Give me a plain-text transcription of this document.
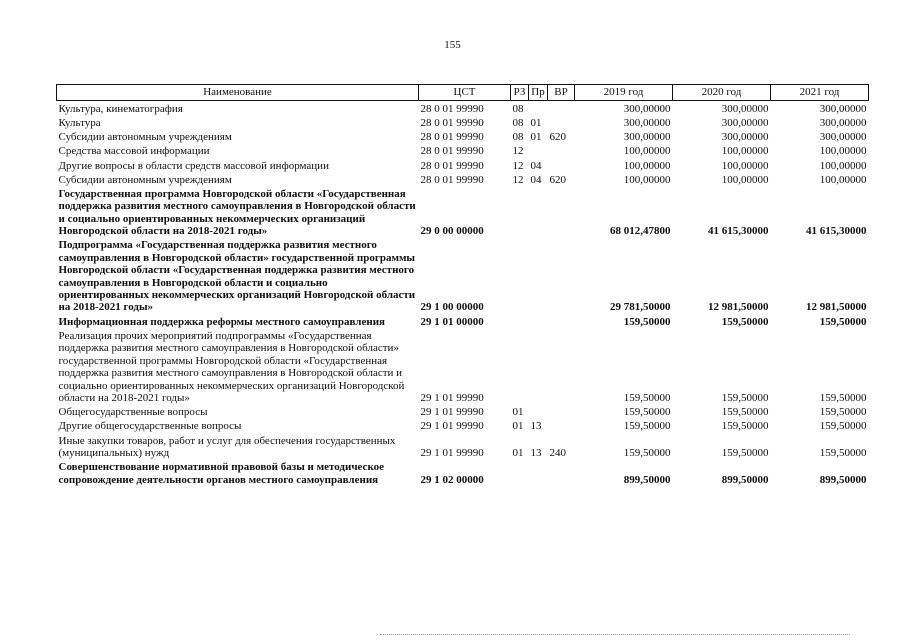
155
Наименование	ЦСТ	РЗ	Пр	ВР	2019 год	2020 год	2021 год
Культура, кинематография	28 0 01 99990	08			300,00000	300,00000	300,00000
Культура	28 0 01 99990	08	01		300,00000	300,00000	300,00000
Субсидии автономным учреждениям	28 0 01 99990	08	01	620	300,00000	300,00000	300,00000
Средства массовой информации	28 0 01 99990	12			100,00000	100,00000	100,00000
Другие вопросы в области средств массовой информации	28 0 01 99990	12	04		100,00000	100,00000	100,00000
Субсидии автономным учреждениям	28 0 01 99990	12	04	620	100,00000	100,00000	100,00000
Государственная программа Новгородской области «Государственная поддержка развития местного самоуправления в Новгородской области и социально ориентированных некоммерческих организаций Новгородской области на 2018-2021 годы»	29 0 00 00000				68 012,47800	41 615,30000	41 615,30000
Подпрограмма «Государственная поддержка развития местного самоуправления в Новгородской области» государственной программы Новгородской области «Государственная поддержка развития местного самоуправления в Новгородской области и социально ориентированных некоммерческих организаций Новгородской области на 2018-2021 годы»	29 1 00 00000				29 781,50000	12 981,50000	12 981,50000
Информационная поддержка реформы местного самоуправления	29 1 01 00000				159,50000	159,50000	159,50000
Реализация прочих мероприятий подпрограммы «Государственная поддержка развития местного самоуправления в Новгородской области» государственной программы Новгородской области «Государственная поддержка развития местного самоуправления в Новгородской области и социально ориентированных некоммерческих организаций Новгородской области на 2018-2021 годы»	29 1 01 99990				159,50000	159,50000	159,50000
Общегосударственные вопросы	29 1 01 99990	01			159,50000	159,50000	159,50000
Другие общегосударственные вопросы	29 1 01 99990	01	13		159,50000	159,50000	159,50000
Иные закупки товаров, работ и услуг для обеспечения государственных (муниципальных) нужд	29 1 01 99990	01	13	240	159,50000	159,50000	159,50000
Совершенствование нормативной правовой базы и методическое сопровождение деятельности органов местного самоуправления	29 1 02 00000				899,50000	899,50000	899,50000
